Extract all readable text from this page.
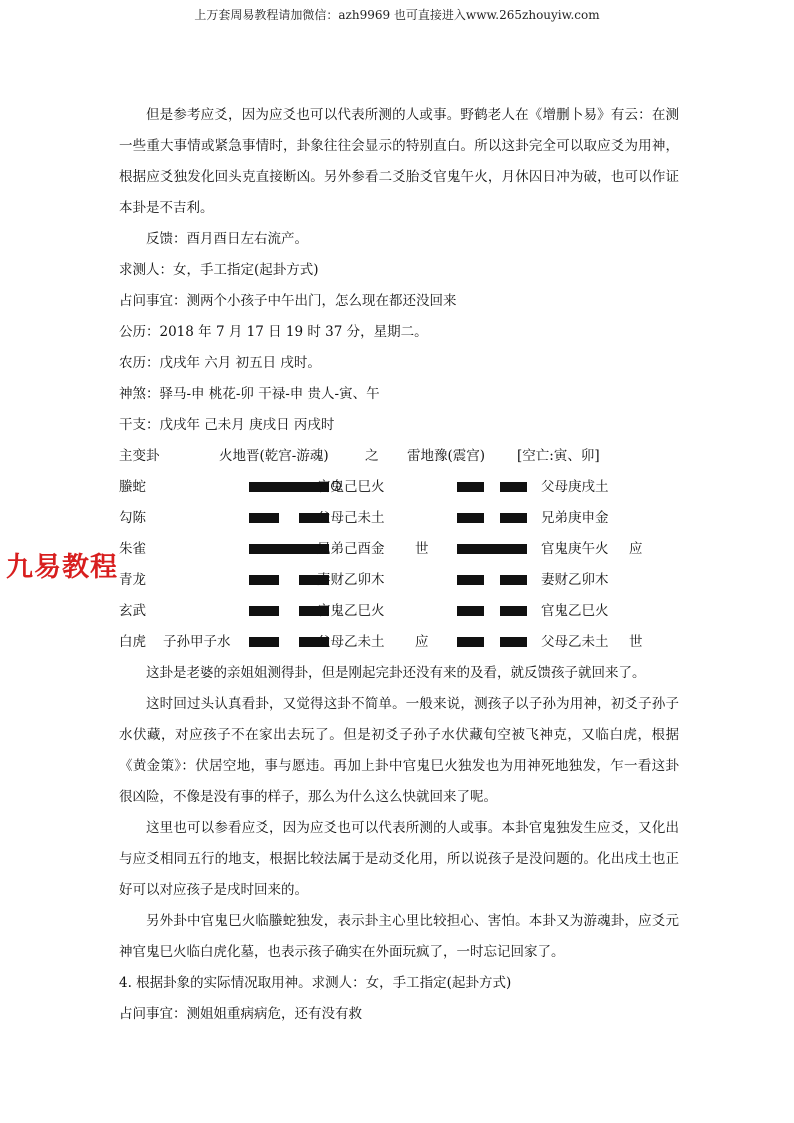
上万套周易教程请加微信：azh9969 也可直接进入www.265zhouyiw.com

但是参考应爻，因为应爻也可以代表所测的人或事。野鹤老人在《增删卜易》有云：在测一些重大事情或紧急事情时，卦象往往会显示的特别直白。所以这卦完全可以取应爻为用神，根据应爻独发化回头克直接断凶。另外参看二爻胎爻官鬼午火，月休囚日冲为破，也可以作证本卦是不吉利。

反馈：酉月酉日左右流产。

求测人：女，手工指定(起卦方式)

占问事宜：测两个小孩子中午出门，怎么现在都还没回来

公历：2018 年 7 月 17 日 19 时 37 分，星期二。

农历：戊戌年 六月 初五日 戌时。

神煞：驿马-申 桃花-卯 干禄-申 贵人-寅、午

干支：戊戌年 己未月 庚戌日 丙戌时

主变卦	火地晋(乾宫-游魂)	之 雷地豫(震宫) [空亡:寅、卯]
螣蛇	官鬼己巳火	父母庚戌土
勾陈	父母己未土	兄弟庚申金
朱雀	兄弟己酉金 世	官鬼庚午火 应
青龙	妻财乙卯木	妻财乙卯木
玄武	官鬼乙巳火	官鬼乙巳火
白虎 子孙甲子水	父母乙未土 应	父母乙未土 世

这卦是老婆的亲姐姐测得卦，但是刚起完卦还没有来的及看，就反馈孩子就回来了。

这时回过头认真看卦，又觉得这卦不简单。一般来说，测孩子以子孙为用神，初爻子孙子水伏藏，对应孩子不在家出去玩了。但是初爻子孙子水伏藏旬空被飞神克，又临白虎，根据《黄金策》：伏居空地，事与愿违。再加上卦中官鬼巳火独发也为用神死地独发，乍一看这卦很凶险，不像是没有事的样子，那么为什么这么快就回来了呢。

这里也可以参看应爻，因为应爻也可以代表所测的人或事。本卦官鬼独发生应爻，又化出与应爻相同五行的地支，根据比较法属于是动爻化用，所以说孩子是没问题的。化出戌土也正好可以对应孩子是戌时回来的。

另外卦中官鬼巳火临螣蛇独发，表示卦主心里比较担心、害怕。本卦又为游魂卦，应爻元神官鬼巳火临白虎化墓，也表示孩子确实在外面玩疯了，一时忘记回家了。

4. 根据卦象的实际情况取用神。求测人：女，手工指定(起卦方式)

占问事宜：测姐姐重病病危，还有没有救

九易教程
